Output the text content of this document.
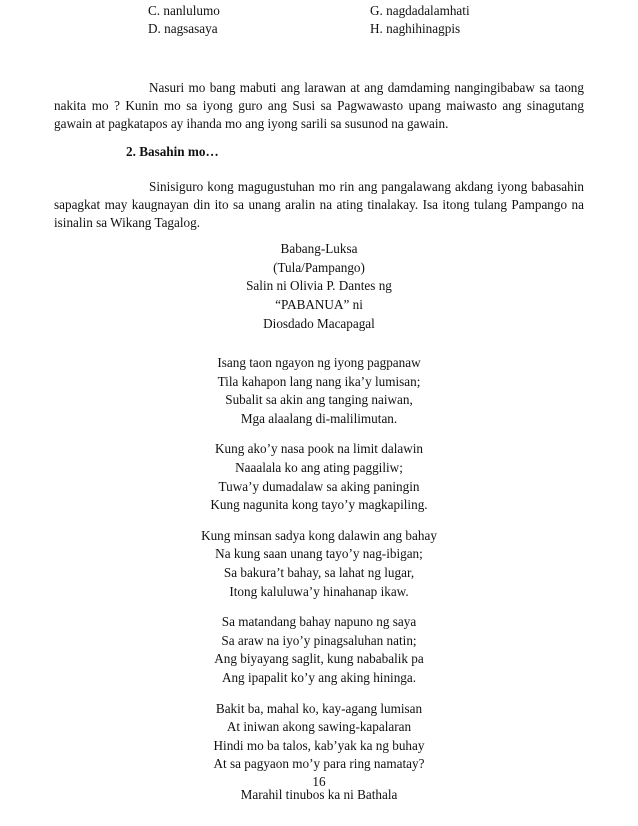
C. nanlulumo
D. nagsasaya
G. nagdadalamhati
H. naghihinagpis
Nasuri mo bang mabuti ang larawan at ang damdaming nangingibabaw sa taong nakita mo ? Kunin mo sa iyong guro ang Susi sa Pagwawasto upang maiwasto ang sinagutang gawain at pagkatapos ay ihanda mo ang iyong sarili sa susunod na gawain.
2. Basahin mo…
Sinisiguro kong magugustuhan mo rin ang pangalawang akdang iyong babasahin sapagkat may kaugnayan din ito sa unang aralin na ating tinalakay. Isa itong tulang Pampango na isinalin sa Wikang Tagalog.
Babang-Luksa
(Tula/Pampango)
Salin ni Olivia P. Dantes ng
“PABANUA” ni
Diosdado Macapagal
Isang taon ngayon ng iyong pagpanaw
Tila kahapon lang nang ika’y lumisan;
Subalit sa akin ang tanging naiwan,
Mga alaalang di-malilimutan.
Kung ako’y nasa pook na limit dalawin
Naaalala ko ang ating paggiliw;
Tuwa’y dumadalaw sa aking paningin
Kung nagunita kong tayo’y magkapiling.
Kung minsan sadya kong dalawin ang bahay
Na kung saan unang tayo’y nag-ibigan;
Sa bakura’t bahay, sa lahat ng lugar,
Itong kaluluwa’y hinahanap ikaw.
Sa matandang bahay napuno ng saya
Sa araw na iyo’y pinagsaluhan natin;
Ang biyayang saglit, kung nababalik pa
Ang ipapalit ko’y ang aking hininga.
Bakit ba, mahal ko, kay-agang lumisan
At iniwan akong sawing-kapalaran
Hindi mo ba talos, kab’yak ka ng buhay
At sa pagyaon mo’y para ring namatay?
Marahil tinubos ka ni Bathala
16
